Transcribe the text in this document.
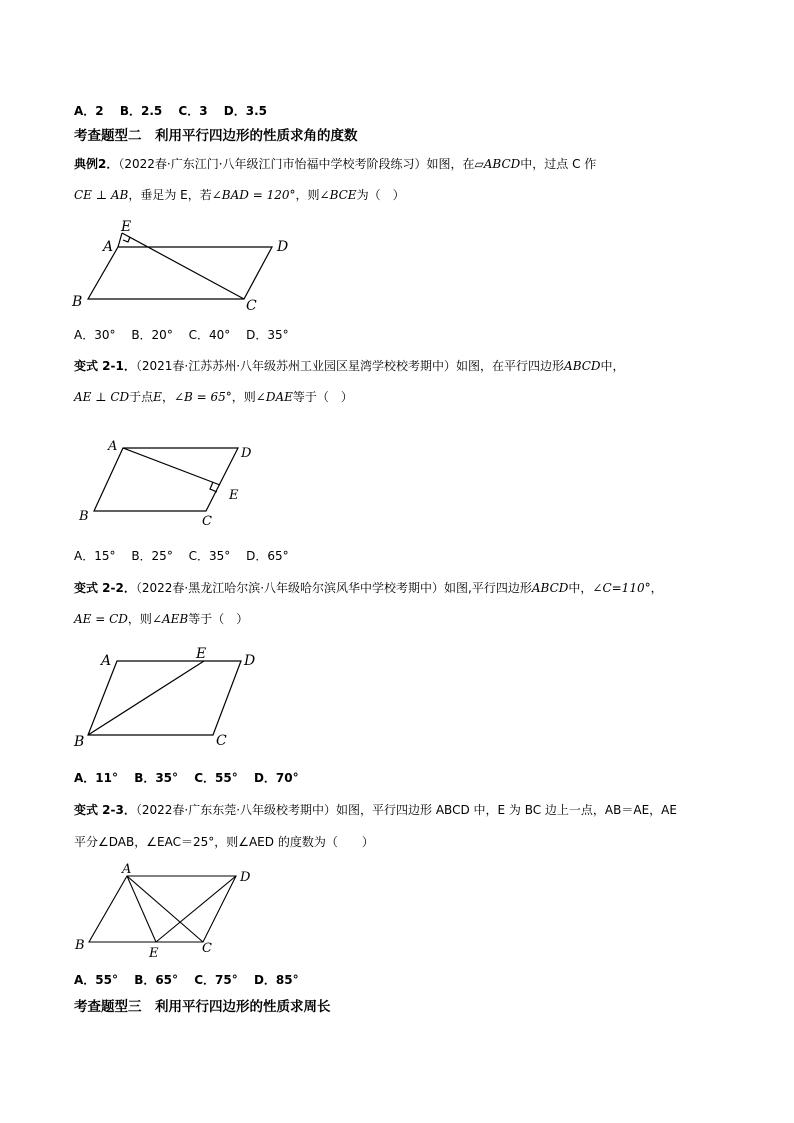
A．2 B．2.5 C．3 D．3.5
考查题型二　利用平行四边形的性质求角的度数
典例2．（2022春·广东江门·八年级江门市怡福中学校考阶段练习）如图，在▱ABCD中，过点 C 作
CE ⊥ AB，垂足为 E，若∠BAD = 120°，则∠BCE为（　）
A
B	C
D
E
A．30° B．20° C．40° D．35°
变式 2-1．（2021春·江苏苏州·八年级苏州工业园区星湾学校校考期中）如图，在平行四边形ABCD中，
AE ⊥ CD于点E，∠B = 65°，则∠DAE等于（　）
A
B	C
D
E
A．15° B．25° C．35° D．65°
变式 2-2．（2022春·黑龙江哈尔滨·八年级哈尔滨风华中学校考期中）如图,平行四边形ABCD中，∠C=110°，
AE = CD，则∠AEB等于（　）
A
B	C
D
E
A．11° B．35° C．55° D．70°
变式 2-3．（2022春·广东东莞·八年级校考期中）如图，平行四边形 ABCD 中，E 为 BC 边上一点，AB＝AE，AE
平分∠DAB，∠EAC＝25°，则∠AED 的度数为（　　）
A
B	C
D
E
A．55° B．65° C．75° D．85°
考查题型三　利用平行四边形的性质求周长
